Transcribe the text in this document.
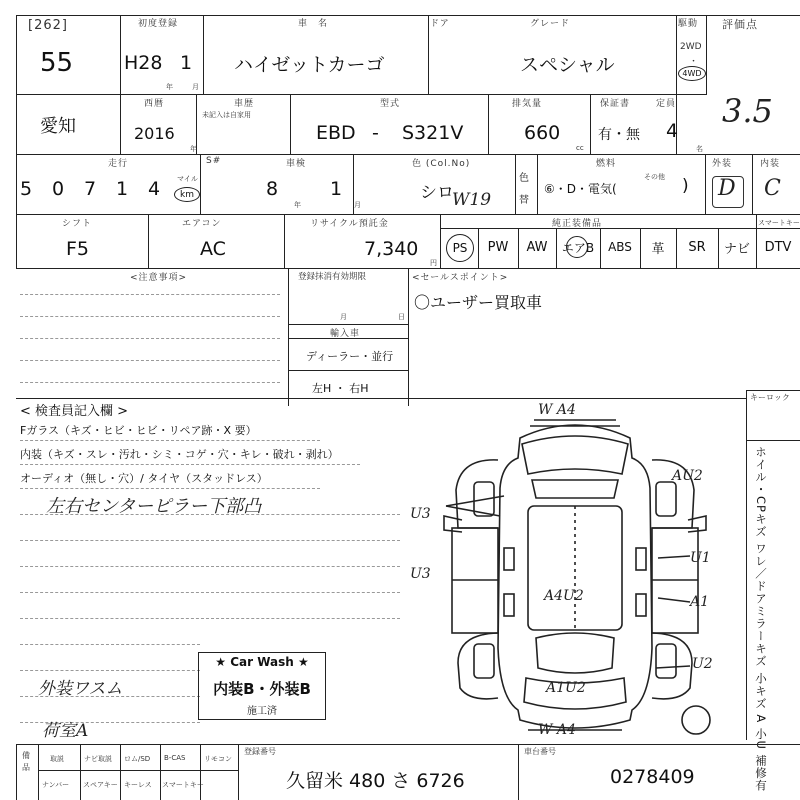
[262]
55
初度登録
H28 1
年	月
車　名
ハイゼットカーゴ
ドア	グレード
スペシャル
駆動
2WD
・
4WD
評価点
3.5
愛知
西暦
2016
年
車歴
未記入は自家用
型式
EBD - S321V
排気量
660
cc
保証書
有・無
定員
4
名
走行
5 0 7 1 4 マイル
km
S#	車検
8
年
1
月
色 (Col.No)
シロ
W19
色替
燃料
⑥・D・電気(
その他 )
外装
D
内装
C
シフト
F5
エアコン
AC
リサイクル預託金
7,340
円
純正装備品	スマートキー
PS	PW	AW	エアB	ABS	革	SR	ナビ	DTV
<注意事項>	登録抹消有効期限
月	日
輸入車
ディーラー・並行
左H ・ 右H
<セールスポイント>
〇ユーザー買取車
キーロック
ホイル・CPキズ ワレ／ドアミラーキズ 小キズ A 小U 補修有
< 検査員記入欄 >
Fガラス（キズ・ヒビ・ヒビ・リペア跡・X 要）
内装（キズ・スレ・汚れ・シミ・コゲ・穴・キレ・破れ・剥れ）
オーディオ（無し・穴）/ タイヤ（スタッドレス）
左右センターピラー下部凸
外装ワスム
荷室A
★ Car Wash ★
内装B・外装B
施工済
W A4
AU2
U3
U1
U3
A4U2	A1
U2
A1U2
W A4
備品
取説	ナビ取説 ロム/SD B-CAS	リモコン
ナンバー スペアキー キーレス スマートキー
登録番号
久留米 480 さ 6726
車台番号
0278409
